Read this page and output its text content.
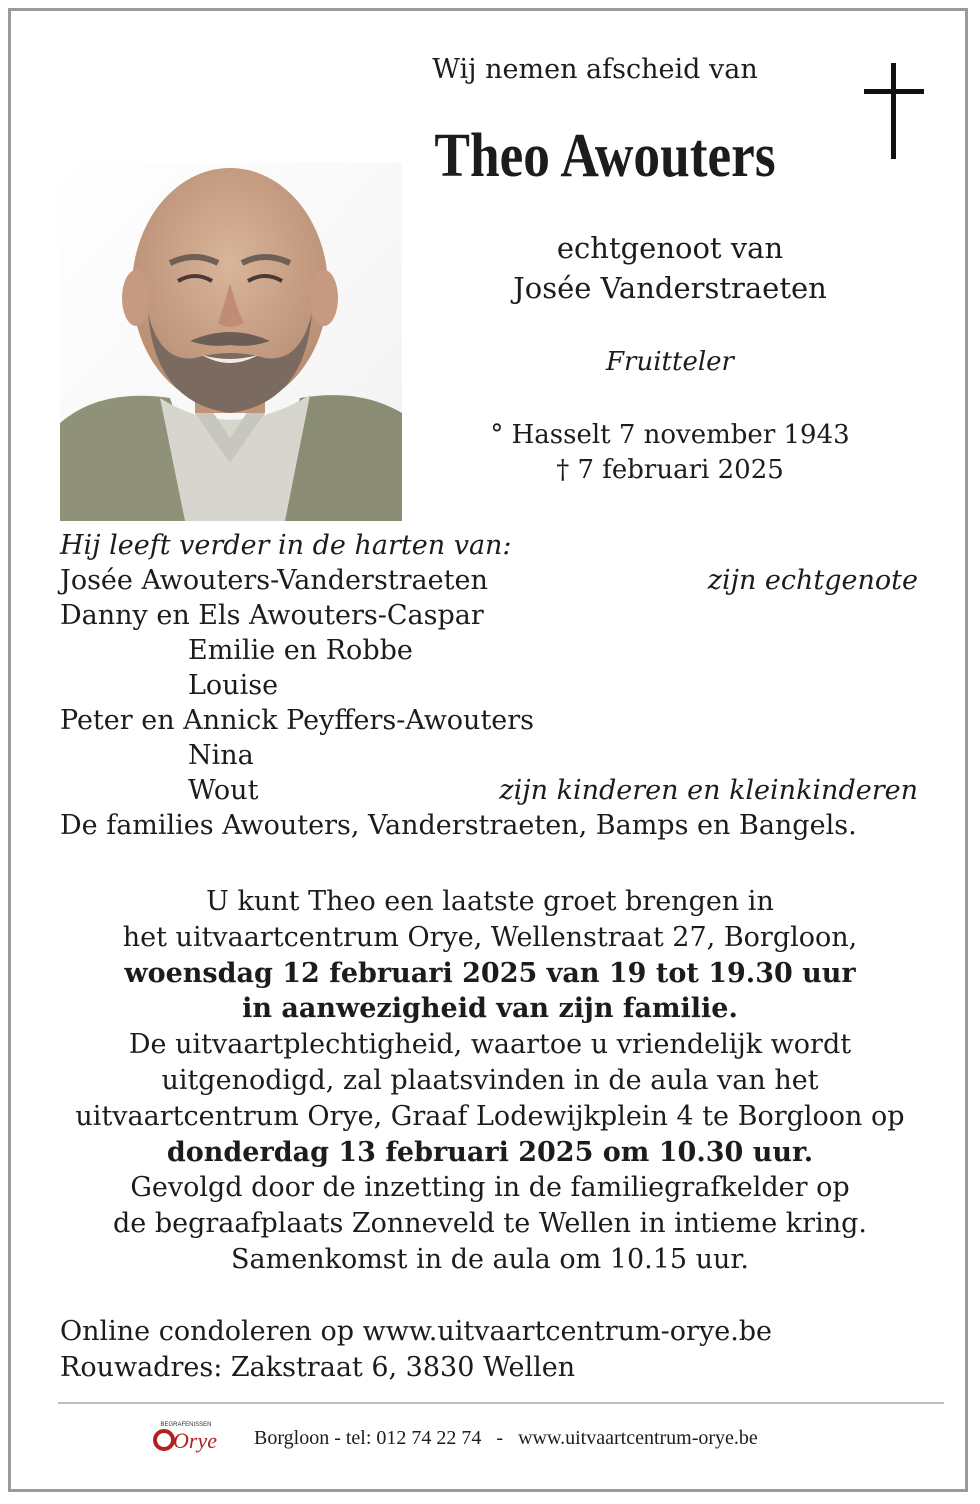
Wij nemen afscheid van
Theo Awouters
echtgenoot van
Josée Vanderstraeten
Fruitteler
° Hasselt 7 november 1943
† 7 februari 2025
Hij leeft verder in de harten van:
Josée Awouters-Vanderstraeten	zijn echtgenote
Danny en Els Awouters-Caspar
Emilie en Robbe
Louise
Peter en Annick Peyffers-Awouters
Nina
Wout	zijn kinderen en kleinkinderen
De families Awouters, Vanderstraeten, Bamps en Bangels.
U kunt Theo een laatste groet brengen in
het uitvaartcentrum Orye, Wellenstraat 27, Borgloon,
woensdag 12 februari 2025 van 19 tot 19.30 uur
in aanwezigheid van zijn familie.
De uitvaartplechtigheid, waartoe u vriendelijk wordt
uitgenodigd, zal plaatsvinden in de aula van het
uitvaartcentrum Orye, Graaf Lodewijkplein 4 te Borgloon op
donderdag 13 februari 2025 om 10.30 uur.
Gevolgd door de inzetting in de familiegrafkelder op
de begraafplaats Zonneveld te Wellen in intieme kring.
Samenkomst in de aula om 10.15 uur.
Online condoleren op www.uitvaartcentrum-orye.be
Rouwadres: Zakstraat 6, 3830 Wellen
BEGRAFENISSEN
Orye Borgloon - tel: 012 74 22 74 - www.uitvaartcentrum-orye.be
